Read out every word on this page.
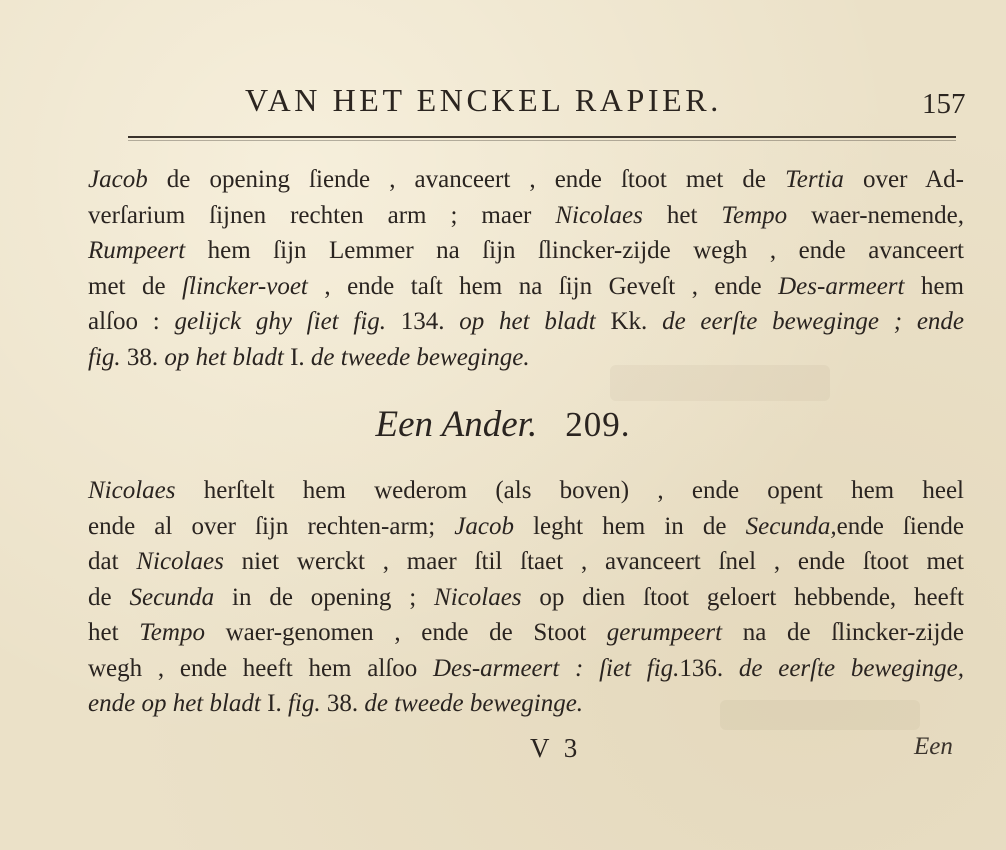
VAN HET ENCKEL RAPIER.	157
Jacob de opening ſiende , avanceert , ende ſtoot met de Tertia over Ad-
verſarium ſijnen rechten arm ; maer Nicolaes het Tempo waer-nemende,
Rumpeert hem ſijn Lemmer na ſijn ſlincker-zijde wegh , ende avanceert
met de ſlincker-voet , ende taſt hem na ſijn Geveſt , ende Des-armeert hem
alſoo : gelijck ghy ſiet fig. 134. op het bladt Kk. de eerſte beweginge ; ende
fig. 38. op het bladt I. de tweede beweginge.
Een Ander. 209.
Nicolaes herſtelt hem wederom (als boven) , ende opent hem heel
ende al over ſijn rechten-arm; Jacob leght hem in de Secunda,ende ſiende
dat Nicolaes niet werckt , maer ſtil ſtaet , avanceert ſnel , ende ſtoot met
de Secunda in de opening ; Nicolaes op dien ſtoot geloert hebbende, heeft
het Tempo waer-genomen , ende de Stoot gerumpeert na de ſlincker-zijde
wegh , ende heeft hem alſoo Des-armeert : ſiet fig.136. de eerſte beweginge,
ende op het bladt I. fig. 38. de tweede beweginge.
V 3	Een
